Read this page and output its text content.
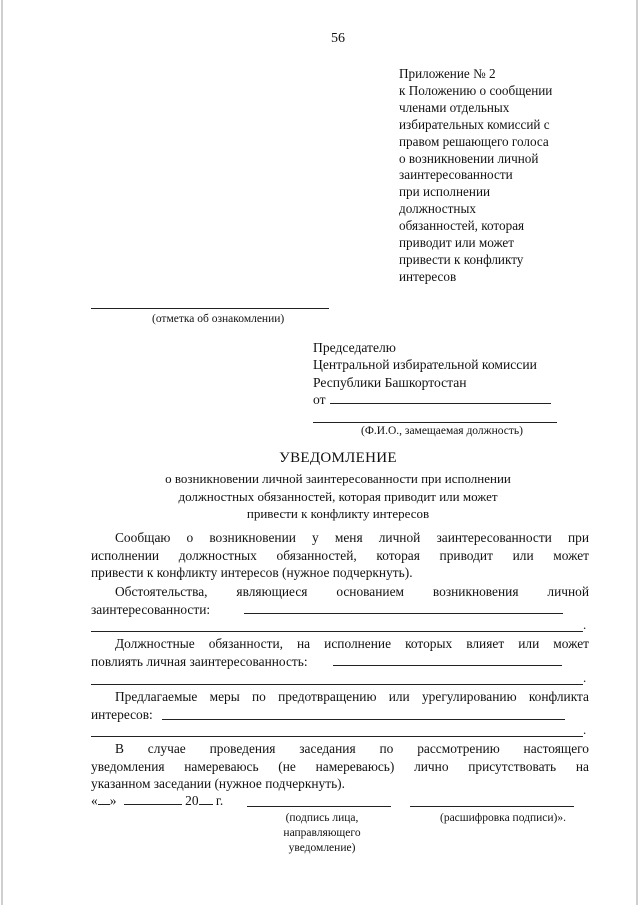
56
Приложение № 2
к Положению о сообщении
членами отдельных
избирательных комиссий с
правом решающего голоса
о возникновении личной
заинтересованности
при исполнении
должностных
обязанностей, которая
приводит или может
привести к конфликту
интересов
(отметка об ознакомлении)
Председателю
Центральной избирательной комиссии
Республики Башкортостан
от
(Ф.И.О., замещаемая должность)
УВЕДОМЛЕНИЕ
о возникновении личной заинтересованности при исполнении
должностных обязанностей, которая приводит или может
привести к конфликту интересов
Сообщаю о возникновении у меня личной заинтересованности при
исполнении должностных обязанностей, которая приводит или может
привести к конфликту интересов (нужное подчеркнуть).
Обстоятельства, являющиеся основанием возникновения личной
заинтересованности:
.
Должностные обязанности, на исполнение которых влияет или может
повлиять личная заинтересованность:
.
Предлагаемые меры по предотвращению или урегулированию конфликта
интересов:
.
В случае проведения заседания по рассмотрению настоящего
уведомления намереваюсь (не намереваюсь) лично присутствовать на
указанном заседании (нужное подчеркнуть).
« »	20 г.
(подпись лица,
направляющего
уведомление)
(расшифровка подписи)».
